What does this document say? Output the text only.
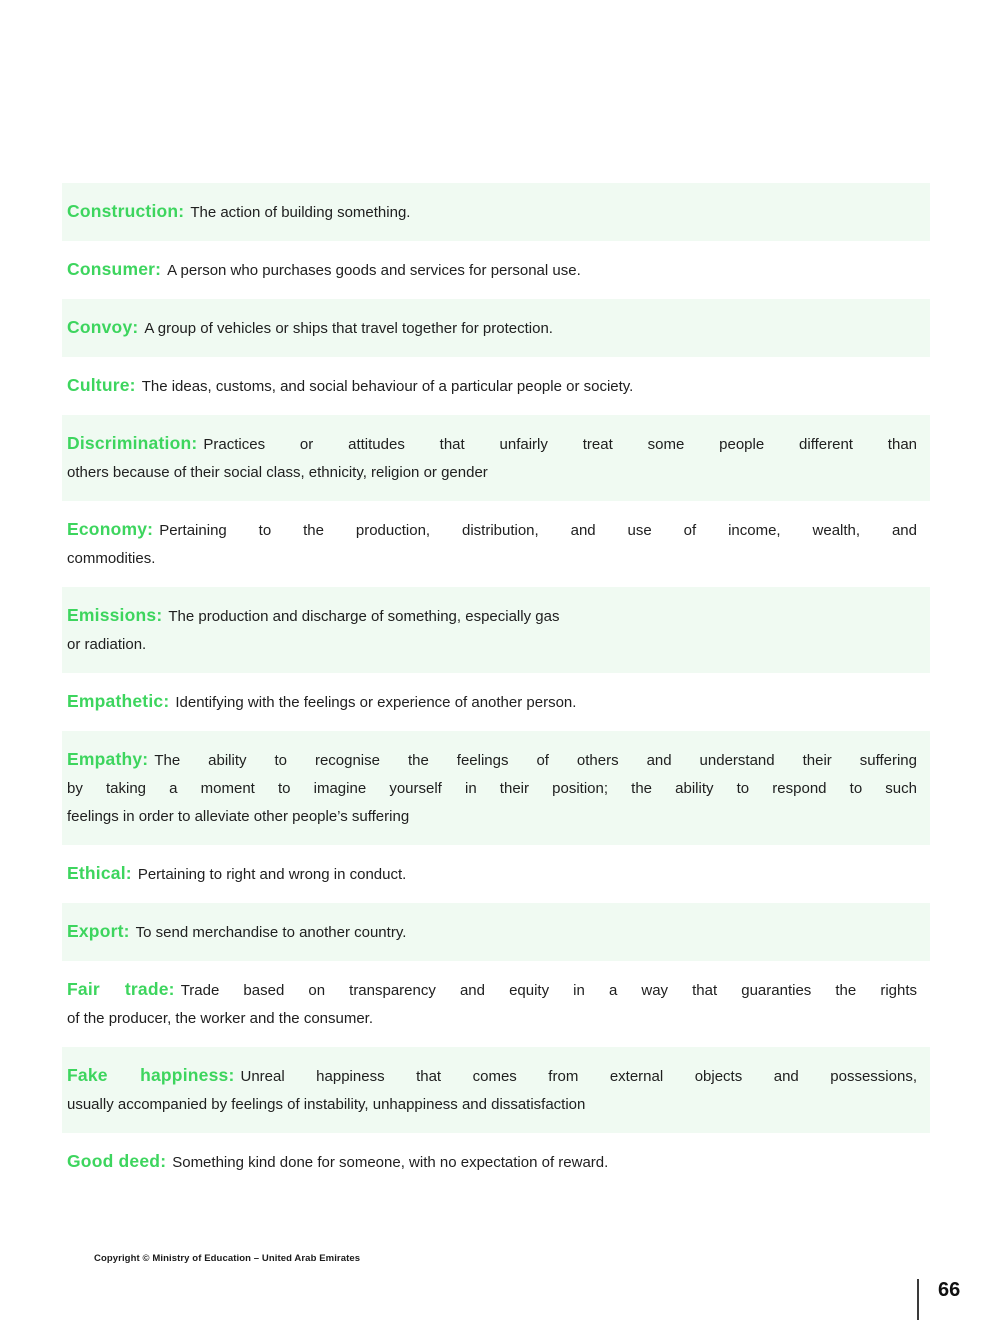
Construction: The action of building something.
Consumer: A person who purchases goods and services for personal use.
Convoy: A group of vehicles or ships that travel together for protection.
Culture: The ideas, customs, and social behaviour of a particular people or society.
Discrimination: Practices or attitudes that unfairly treat some people different than
others because of their social class, ethnicity, religion or gender
Economy: Pertaining to the production, distribution, and use of income, wealth, and
commodities.
Emissions: The production and discharge of something, especially gas
or radiation.
Empathetic: Identifying with the feelings or experience of another person.
Empathy: The ability to recognise the feelings of others and understand their suffering
by taking a moment to imagine yourself in their position; the ability to respond to such
feelings in order to alleviate other people’s suffering
Ethical: Pertaining to right and wrong in conduct.
Export: To send merchandise to another country.
Fair trade: Trade based on transparency and equity in a way that guaranties the rights
of the producer, the worker and the consumer.
Fake happiness: Unreal happiness that comes from external objects and possessions,
usually accompanied by feelings of instability, unhappiness and dissatisfaction
Good deed: Something kind done for someone, with no expectation of reward.
Copyright © Ministry of Education – United Arab Emirates
66
